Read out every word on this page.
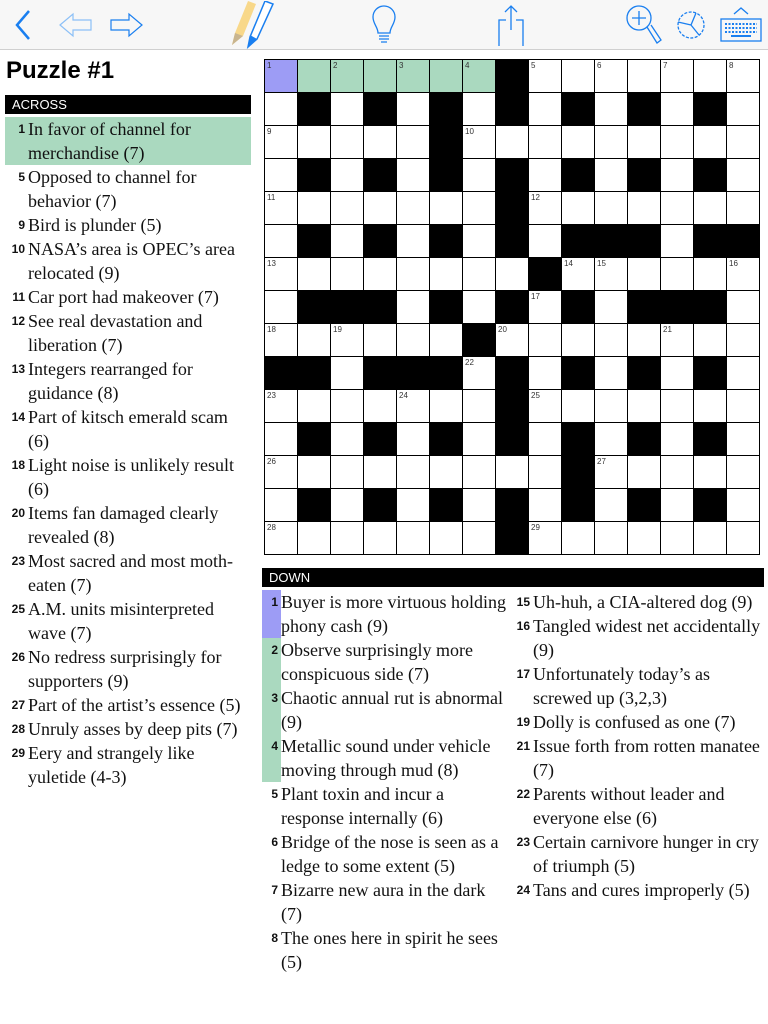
Puzzle #1
ACROSS
1 In favor of channel for merchandise (7)
5 Opposed to channel for behavior (7)
9 Bird is plunder (5)
10 NASA’s area is OPEC’s area relocated (9)
11 Car port had makeover (7)
12 See real devastation and liberation (7)
13 Integers rearranged for guidance (8)
14 Part of kitsch emerald scam (6)
18 Light noise is unlikely result (6)
20 Items fan damaged clearly revealed (8)
23 Most sacred and most moth-eaten (7)
25 A.M. units misinterpreted wave (7)
26 No redress surprisingly for supporters (9)
27 Part of the artist’s essence (5)
28 Unruly asses by deep pits (7)
29 Eery and strangely like yuletide (4-3)
1	2	3	4	5	6	7	8
9	10
11	12
13	14	15	16
17
18	19	20	21
22
23	24	25
26	27
28	29
DOWN
1 Buyer is more virtuous holding phony cash (9)
2 Observe surprisingly more conspicuous side (7)
3 Chaotic annual rut is abnormal (9)
4 Metallic sound under vehicle moving through mud (8)
5 Plant toxin and incur a response internally (6)
6 Bridge of the nose is seen as a ledge to some extent (5)
7 Bizarre new aura in the dark (7)
8 The ones here in spirit he sees (5)
15 Uh-huh, a CIA-altered dog (9)
16 Tangled widest net accidentally (9)
17 Unfortunately today’s as screwed up (3,2,3)
19 Dolly is confused as one (7)
21 Issue forth from rotten manatee (7)
22 Parents without leader and everyone else (6)
23 Certain carnivore hunger in cry of triumph (5)
24 Tans and cures improperly (5)
